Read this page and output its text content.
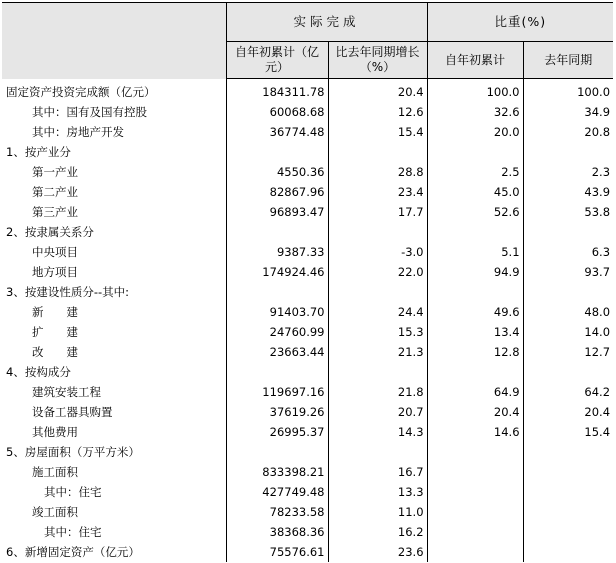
	实际完成		比重(%)	
	自年初累计（亿元）	比去年同期增长（%）	自年初累计	去年同期
固定资产投资完成额（亿元）	184311.78	20.4	100.0	100.0
其中：国有及国有控股	60068.68	12.6	32.6	34.9
其中：房地产开发	36774.48	15.4	20.0	20.8
1、按产业分				
第一产业	4550.36	28.8	2.5	2.3
第二产业	82867.96	23.4	45.0	43.9
第三产业	96893.47	17.7	52.6	53.8
2、按隶属关系分				
中央项目	9387.33	-3.0	5.1	6.3
地方项目	174924.46	22.0	94.9	93.7
3、按建设性质分--其中:				
新　　建	91403.70	24.4	49.6	48.0
扩　　建	24760.99	15.3	13.4	14.0
改　　建	23663.44	21.3	12.8	12.7
4、按构成分				
建筑安装工程	119697.16	21.8	64.9	64.2
设备工器具购置	37619.26	20.7	20.4	20.4
其他费用	26995.37	14.3	14.6	15.4
5、房屋面积（万平方米）				
施工面积	833398.21	16.7		
其中：住宅	427749.48	13.3		
竣工面积	78233.58	11.0		
其中：住宅	38368.36	16.2		
6、新增固定资产（亿元）	75576.61	23.6		
